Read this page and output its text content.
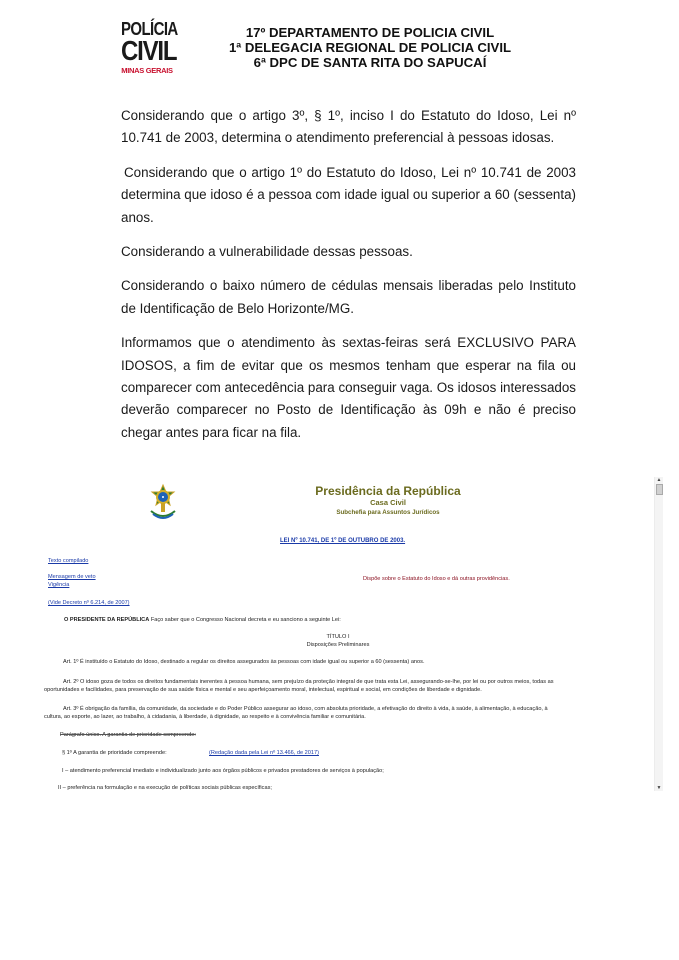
POLÍCIA
CIVIL
MINAS GERAIS
17º DEPARTAMENTO DE POLICIA CIVIL
1ª DELEGACIA REGIONAL DE POLICIA CIVIL
6ª DPC DE SANTA RITA DO SAPUCAÍ

Considerando que o artigo 3º, § 1º, inciso I do Estatuto do Idoso, Lei nº 10.741 de 2003, determina o atendimento preferencial à pessoas idosas.

Considerando que o artigo 1º do Estatuto do Idoso, Lei nº 10.741 de 2003 determina que idoso é a pessoa com idade igual ou superior a 60 (sessenta) anos.

Considerando a vulnerabilidade dessas pessoas.

Considerando o baixo número de cédulas mensais liberadas pelo Instituto de Identificação de Belo Horizonte/MG.

Informamos que o atendimento às sextas-feiras será EXCLUSIVO PARA IDOSOS, a fim de evitar que os mesmos tenham que esperar na fila ou comparecer com antecedência para conseguir vaga. Os idosos interessados deverão comparecer no Posto de Identificação às 09h e não é preciso chegar antes para ficar na fila.

Presidência da República
Casa Civil
Subchefia para Assuntos Jurídicos
LEI Nº 10.741, DE 1º DE OUTUBRO DE 2003.
Texto compilado
Mensagem de veto
Vigência
Dispõe sobre o Estatuto do Idoso e dá outras providências.
(Vide Decreto nº 6.214, de 2007)
O PRESIDENTE DA REPÚBLICA Faço saber que o Congresso Nacional decreta e eu sanciono a seguinte Lei:
TÍTULO I
Disposições Preliminares
Art. 1º É instituído o Estatuto do Idoso, destinado a regular os direitos assegurados às pessoas com idade igual ou superior a 60 (sessenta) anos.
Art. 2º O idoso goza de todos os direitos fundamentais inerentes à pessoa humana, sem prejuízo da proteção integral de que trata esta Lei, assegurando-se-lhe, por lei ou por outros meios, todas as
oportunidades e facilidades, para preservação de sua saúde física e mental e seu aperfeiçoamento moral, intelectual, espiritual e social, em condições de liberdade e dignidade.
Art. 3º É obrigação da família, da comunidade, da sociedade e do Poder Público assegurar ao idoso, com absoluta prioridade, a efetivação do direito à vida, à saúde, à alimentação, à educação, à
cultura, ao esporte, ao lazer, ao trabalho, à cidadania, à liberdade, à dignidade, ao respeito e à convivência familiar e comunitária.
Parágrafo único. A garantia de prioridade compreende:
§ 1º A garantia de prioridade compreende:	(Redação dada pela Lei nº 13.466, de 2017)
I – atendimento preferencial imediato e individualizado junto aos órgãos públicos e privados prestadores de serviços à população;
II – preferência na formulação e na execução de políticas sociais públicas específicas;
▲
▼
